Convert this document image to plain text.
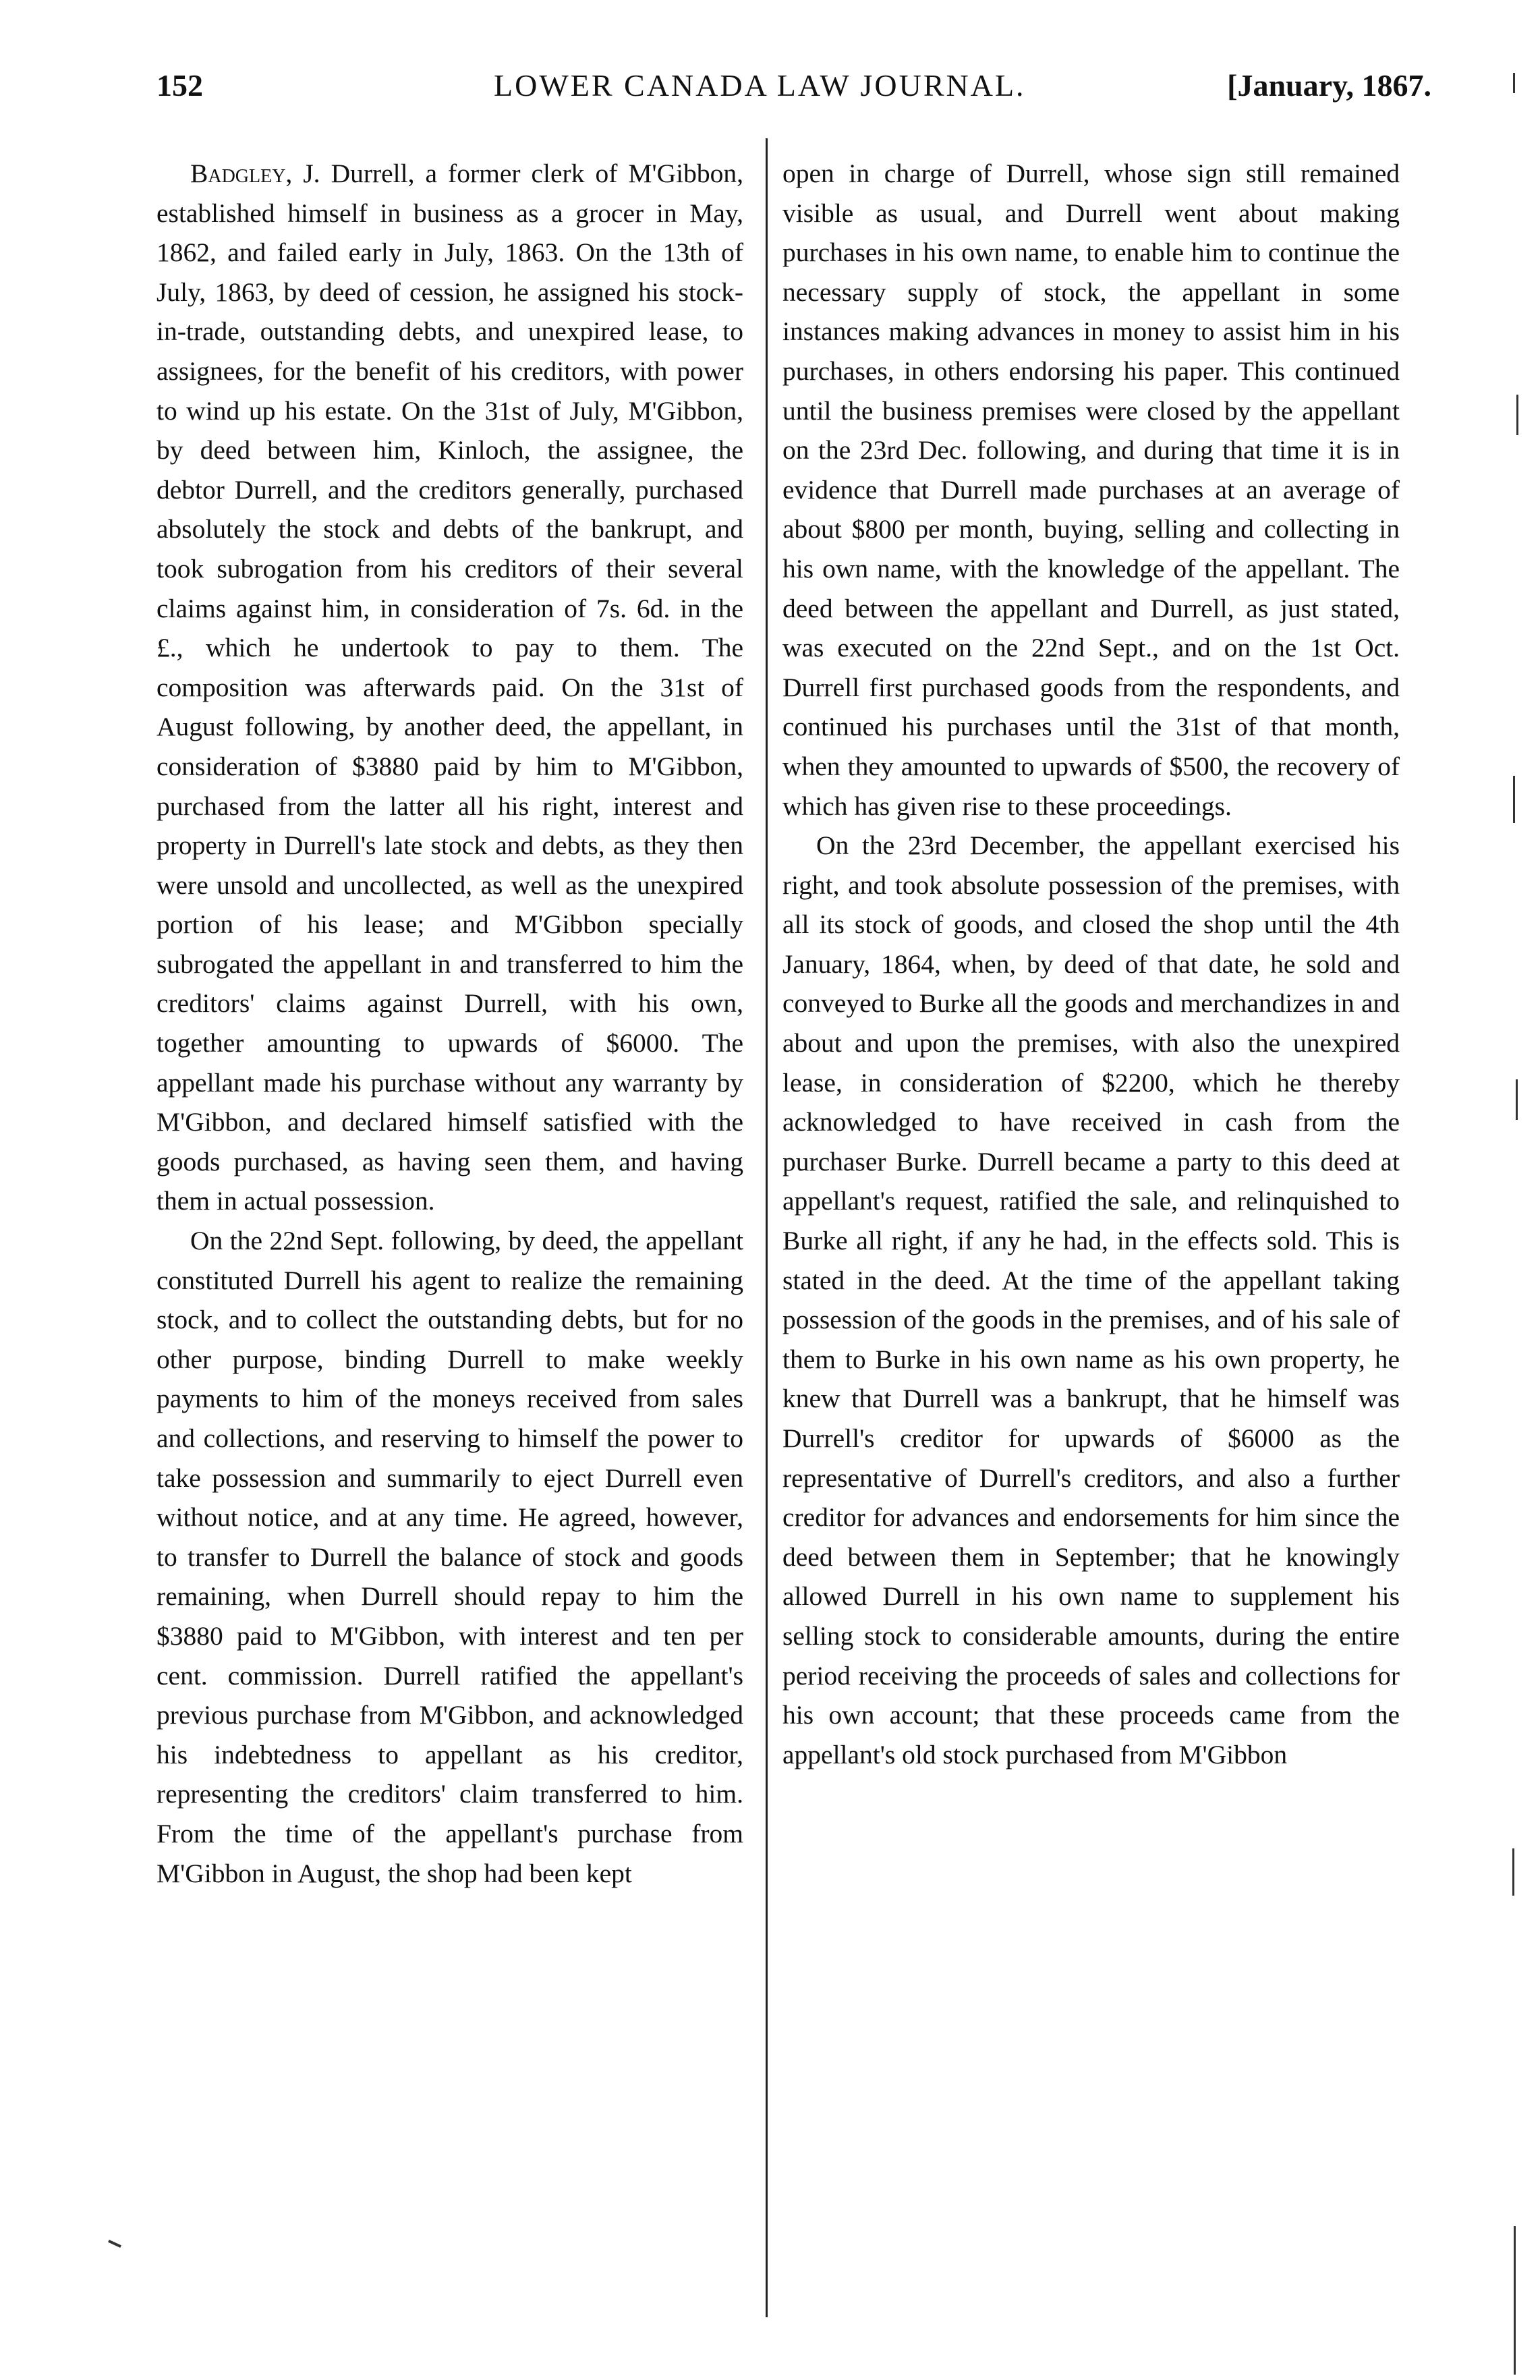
152	LOWER CANADA LAW JOURNAL.	[January, 1867.

Badgley, J. Durrell, a former clerk of M'Gibbon, established himself in business as a grocer in May, 1862, and failed early in July, 1863. On the 13th of July, 1863, by deed of cession, he assigned his stock-in-trade, outstanding debts, and unexpired lease, to assignees, for the benefit of his creditors, with power to wind up his estate. On the 31st of July, M'Gibbon, by deed between him, Kinloch, the assignee, the debtor Durrell, and the creditors generally, purchased absolutely the stock and debts of the bankrupt, and took subrogation from his creditors of their several claims against him, in consideration of 7s. 6d. in the £., which he undertook to pay to them. The composition was afterwards paid. On the 31st of August following, by another deed, the appellant, in consideration of $3880 paid by him to M'Gibbon, purchased from the latter all his right, interest and property in Durrell's late stock and debts, as they then were unsold and uncollected, as well as the unexpired portion of his lease; and M'Gibbon specially subrogated the appellant in and transferred to him the creditors' claims against Durrell, with his own, together amounting to upwards of $6000. The appellant made his purchase without any warranty by M'Gibbon, and declared himself satisfied with the goods purchased, as having seen them, and having them in actual possession.

On the 22nd Sept. following, by deed, the appellant constituted Durrell his agent to realize the remaining stock, and to collect the outstanding debts, but for no other purpose, binding Durrell to make weekly payments to him of the moneys received from sales and collections, and reserving to himself the power to take possession and summarily to eject Durrell even without notice, and at any time. He agreed, however, to transfer to Durrell the balance of stock and goods remaining, when Durrell should repay to him the $3880 paid to M'Gibbon, with interest and ten per cent. commission. Durrell ratified the appellant's previous purchase from M'Gibbon, and acknowledged his indebtedness to appellant as his creditor, representing the creditors' claim transferred to him. From the time of the appellant's purchase from M'Gibbon in August, the shop had been kept

open in charge of Durrell, whose sign still remained visible as usual, and Durrell went about making purchases in his own name, to enable him to continue the necessary supply of stock, the appellant in some instances making advances in money to assist him in his purchases, in others endorsing his paper. This continued until the business premises were closed by the appellant on the 23rd Dec. following, and during that time it is in evidence that Durrell made purchases at an average of about $800 per month, buying, selling and collecting in his own name, with the knowledge of the appellant. The deed between the appellant and Durrell, as just stated, was executed on the 22nd Sept., and on the 1st Oct. Durrell first purchased goods from the respondents, and continued his purchases until the 31st of that month, when they amounted to upwards of $500, the recovery of which has given rise to these proceedings.

On the 23rd December, the appellant exercised his right, and took absolute possession of the premises, with all its stock of goods, and closed the shop until the 4th January, 1864, when, by deed of that date, he sold and conveyed to Burke all the goods and merchandizes in and about and upon the premises, with also the unexpired lease, in consideration of $2200, which he thereby acknowledged to have received in cash from the purchaser Burke. Durrell became a party to this deed at appellant's request, ratified the sale, and relinquished to Burke all right, if any he had, in the effects sold. This is stated in the deed. At the time of the appellant taking possession of the goods in the premises, and of his sale of them to Burke in his own name as his own property, he knew that Durrell was a bankrupt, that he himself was Durrell's creditor for upwards of $6000 as the representative of Durrell's creditors, and also a further creditor for advances and endorsements for him since the deed between them in September; that he knowingly allowed Durrell in his own name to supplement his selling stock to considerable amounts, during the entire period receiving the proceeds of sales and collections for his own account; that these proceeds came from the appellant's old stock purchased from M'Gibbon
